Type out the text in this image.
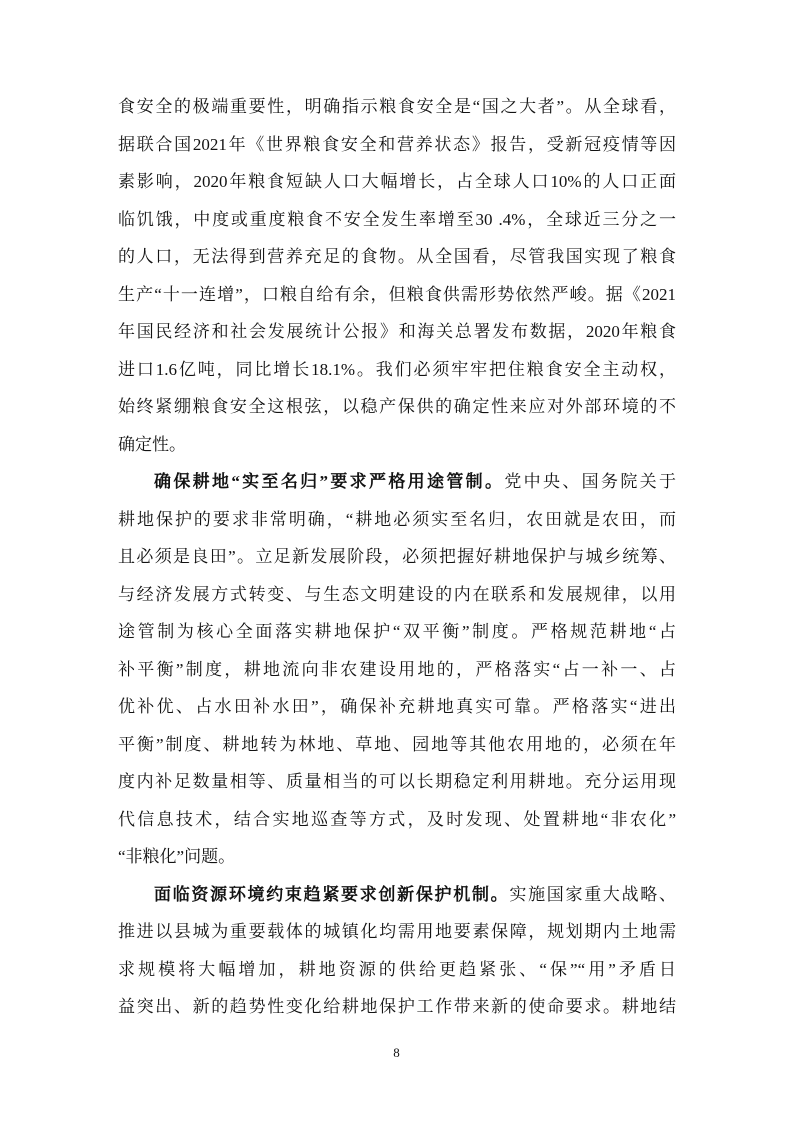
食安全的极端重要性，明确指示粮食安全是“国之大者”。从全球看，
据联合国2021年《世界粮食安全和营养状态》报告，受新冠疫情等因
素影响，2020年粮食短缺人口大幅增长，占全球人口10%的人口正面
临饥饿，中度或重度粮食不安全发生率增至30 .4%，全球近三分之一
的人口，无法得到营养充足的食物。从全国看，尽管我国实现了粮食
生产“十一连增”，口粮自给有余，但粮食供需形势依然严峻。据《2021
年国民经济和社会发展统计公报》和海关总署发布数据，2020年粮食
进口1.6亿吨，同比增长18.1%。我们必须牢牢把住粮食安全主动权，
始终紧绷粮食安全这根弦，以稳产保供的确定性来应对外部环境的不
确定性。
确保耕地“实至名归”要求严格用途管制。党中央、国务院关于
耕地保护的要求非常明确，“耕地必须实至名归，农田就是农田，而
且必须是良田”。立足新发展阶段，必须把握好耕地保护与城乡统筹、
与经济发展方式转变、与生态文明建设的内在联系和发展规律，以用
途管制为核心全面落实耕地保护“双平衡”制度。严格规范耕地“占
补平衡”制度，耕地流向非农建设用地的，严格落实“占一补一、占
优补优、占水田补水田”，确保补充耕地真实可靠。严格落实“进出
平衡”制度、耕地转为林地、草地、园地等其他农用地的，必须在年
度内补足数量相等、质量相当的可以长期稳定利用耕地。充分运用现
代信息技术，结合实地巡查等方式，及时发现、处置耕地“非农化”
“非粮化”问题。
面临资源环境约束趋紧要求创新保护机制。实施国家重大战略、
推进以县城为重要载体的城镇化均需用地要素保障，规划期内土地需
求规模将大幅增加，耕地资源的供给更趋紧张、“保”“用”矛盾日
益突出、新的趋势性变化给耕地保护工作带来新的使命要求。耕地结
8
